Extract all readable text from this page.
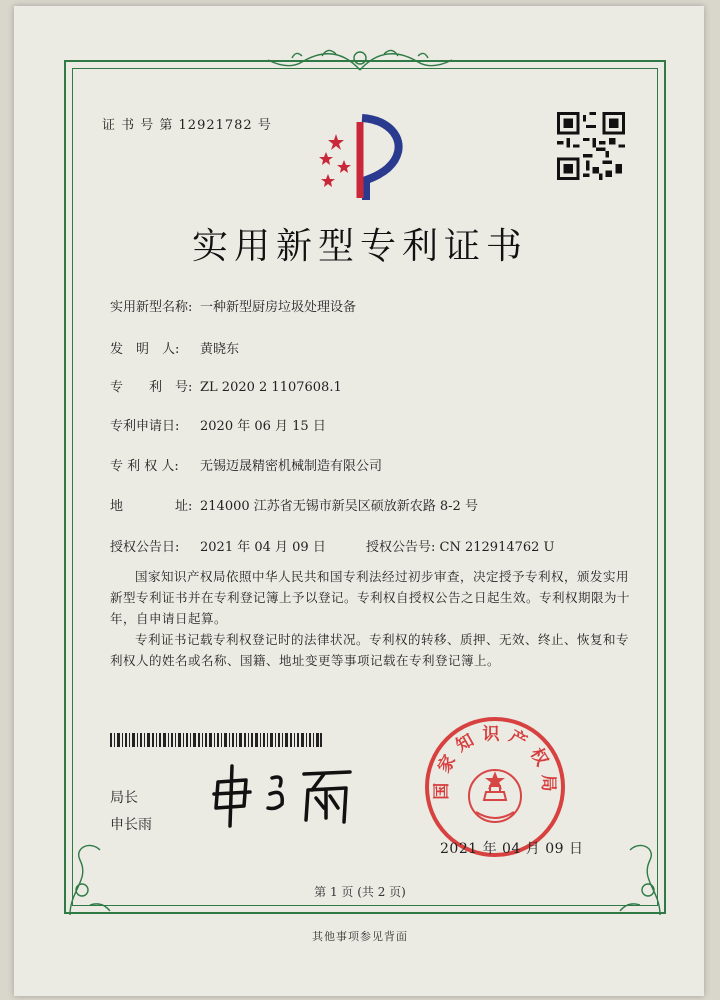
证 书 号 第 12921782 号
实用新型专利证书
实用新型名称: 一种新型厨房垃圾处理设备
发　明　人: 黄晓东
专　　利　号: ZL 2020 2 1107608.1
专利申请日: 2020 年 06 月 15 日
专 利 权 人: 无锡迈晟精密机械制造有限公司
地　　　　址: 214000 江苏省无锡市新吴区硕放新农路 8-2 号
授权公告日: 2021 年 04 月 09 日	授权公告号: CN 212914762 U
国家知识产权局依照中华人民共和国专利法经过初步审查，决定授予专利权，颁发实用新型专利证书并在专利登记簿上予以登记。专利权自授权公告之日起生效。专利权期限为十年，自申请日起算。
专利证书记载专利权登记时的法律状况。专利权的转移、质押、无效、终止、恢复和专利权人的姓名或名称、国籍、地址变更等事项记载在专利登记簿上。
局长
申长雨
国家知识产权局
2021 年 04 月 09 日
第 1 页 (共 2 页)
其他事项参见背面
